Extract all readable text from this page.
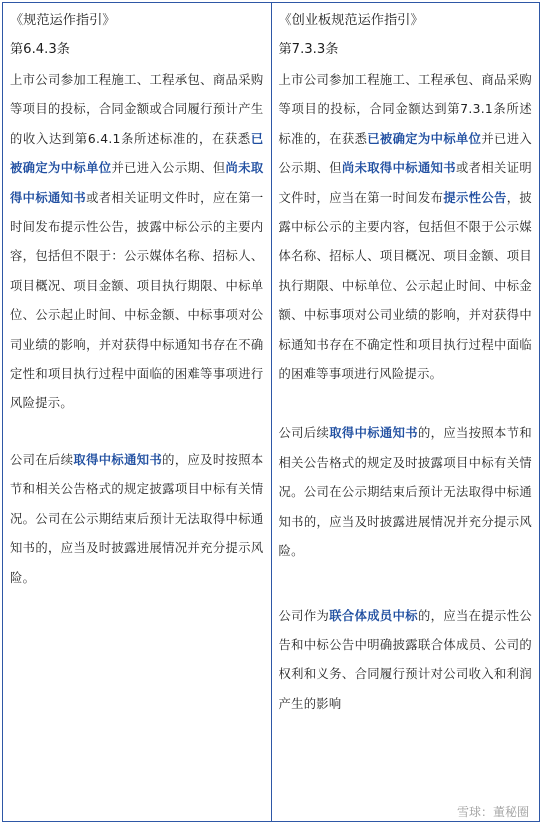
《规范运作指引》
第6.4.3条

上市公司参加工程施工、工程承包、商品采购等项目的投标，合同金额或合同履行预计产生的收入达到第6.4.1条所述标准的，在获悉已被确定为中标单位并已进入公示期、但尚未取得中标通知书或者相关证明文件时，应在第一时间发布提示性公告，披露中标公示的主要内容，包括但不限于：公示媒体名称、招标人、项目概况、项目金额、项目执行期限、中标单位、公示起止时间、中标金额、中标事项对公司业绩的影响，并对获得中标通知书存在不确定性和项目执行过程中面临的困难等事项进行风险提示。

公司在后续取得中标通知书的，应及时按照本节和相关公告格式的规定披露项目中标有关情况。公司在公示期结束后预计无法取得中标通知书的，应当及时披露进展情况并充分提示风险。

《创业板规范运作指引》
第7.3.3条

上市公司参加工程施工、工程承包、商品采购等项目的投标，合同金额达到第7.3.1条所述标准的，在获悉已被确定为中标单位并已进入公示期、但尚未取得中标通知书或者相关证明文件时，应当在第一时间发布提示性公告，披露中标公示的主要内容，包括但不限于公示媒体名称、招标人、项目概况、项目金额、项目执行期限、中标单位、公示起止时间、中标金额、中标事项对公司业绩的影响，并对获得中标通知书存在不确定性和项目执行过程中面临的困难等事项进行风险提示。

公司后续取得中标通知书的，应当按照本节和相关公告格式的规定及时披露项目中标有关情况。公司在公示期结束后预计无法取得中标通知书的，应当及时披露进展情况并充分提示风险。

公司作为联合体成员中标的，应当在提示性公告和中标公告中明确披露联合体成员、公司的权利和义务、合同履行预计对公司收入和利润产生的影响

雪球：董秘圈
